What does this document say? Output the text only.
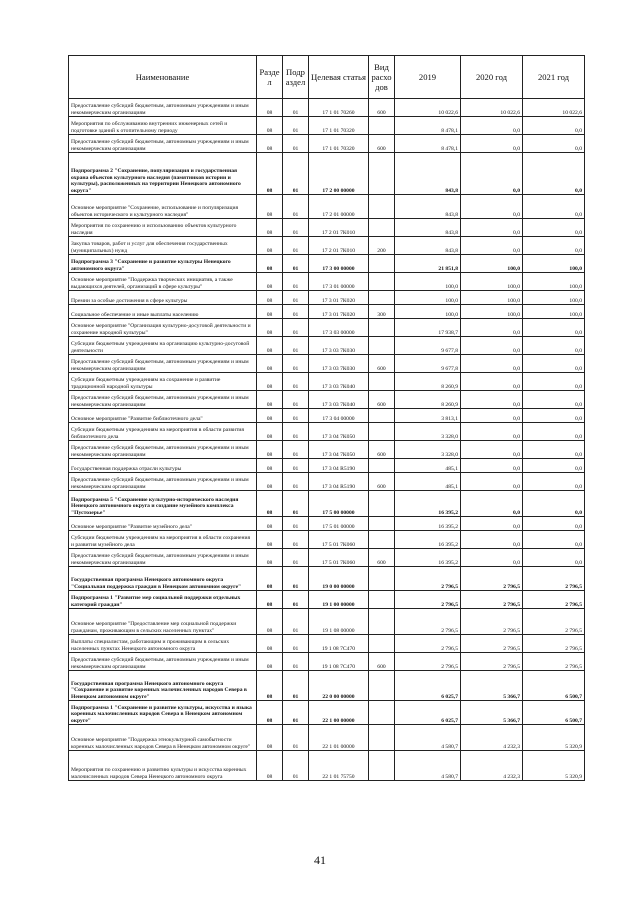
Наименование	Разде л	Подр аздел	Целевая статья	Вид расхо дов	2019	2020 год	2021 год
Предоставление субсидий бюджетным, автономным учреждениям и иным некоммерческим организациям	08	01	17 1 01 70260	600	10 022,6	10 022,6	10 022,6
Мероприятия по обслуживанию внутренних инженерных сетей и подготовке зданий к отопительному периоду	08	01	17 1 01 70320		8 478,1	0,0	0,0
Предоставление субсидий бюджетным, автономным учреждениям и иным некоммерческим организациям	08	01	17 1 01 70320	600	8 478,1	0,0	0,0
Подпрограмма 2 "Сохранение, популяризация и государственная охрана объектов культурного наследия (памятников истории и культуры), расположенных на территории Ненецкого автономного округа"	08	01	17 2 00 00000		843,8	0,0	0,0
Основное мероприятие "Сохранение, использование и популяризация объектов исторического и культурного наследия"	08	01	17 2 01 00000		843,8	0,0	0,0
Мероприятия по сохранению и использованию объектов культурного наследия	08	01	17 2 01 7К010		843,8	0,0	0,0
Закупка товаров, работ и услуг для обеспечения государственных (муниципальных) нужд	08	01	17 2 01 7К010	200	843,8	0,0	0,0
Подпрограмма 3 "Сохранение и развитие культуры Ненецкого автономного округа"	08	01	17 3 00 00000		21 851,8	100,0	100,0
Основное мероприятие "Поддержка творческих инициатив, а также выдающихся деятелей, организаций в сфере культуры"	08	01	17 3 01 00000		100,0	100,0	100,0
Премии за особые достижения в сфере культуры	08	01	17 3 01 7К020		100,0	100,0	100,0
Социальное обеспечение и иные выплаты населению	08	01	17 3 01 7К020	300	100,0	100,0	100,0
Основное мероприятие "Организация культурно-досуговой деятельности и сохранение народной культуры"	08	01	17 3 03 00000		17 938,7	0,0	0,0
Субсидии бюджетным учреждениям на организацию культурно-досуговой деятельности	08	01	17 3 03 7К030		9 677,8	0,0	0,0
Предоставление субсидий бюджетным, автономным учреждениям и иным некоммерческим организациям	08	01	17 3 03 7К030	600	9 677,8	0,0	0,0
Субсидии бюджетным учреждениям на сохранение и развитие традиционной народной культуры	08	01	17 3 03 7К040		8 260,9	0,0	0,0
Предоставление субсидий бюджетным, автономным учреждениям и иным некоммерческим организациям	08	01	17 3 03 7К040	600	8 260,9	0,0	0,0
Основное мероприятие "Развитие библиотечного дела"	08	01	17 3 04 00000		3 813,1	0,0	0,0
Субсидии бюджетным учреждениям на мероприятия в области развития библиотечного дела	08	01	17 3 04 7К050		3 328,0	0,0	0,0
Предоставление субсидий бюджетным, автономным учреждениям и иным некоммерческим организациям	08	01	17 3 04 7К050	600	3 328,0	0,0	0,0
Государственная поддержка отрасли культуры	08	01	17 3 04 R5190		485,1	0,0	0,0
Предоставление субсидий бюджетным, автономным учреждениям и иным некоммерческим организациям	08	01	17 3 04 R5190	600	485,1	0,0	0,0
Подпрограмма 5 "Сохранение культурно-исторического наследия Ненецкого автономного округа и создание музейного комплекса "Пустозерье"	08	01	17 5 00 00000		16 395,2	0,0	0,0
Основное мероприятие "Развитие музейного дела"	08	01	17 5 01 00000		16 395,2	0,0	0,0
Субсидии бюджетным учреждениям на мероприятия в области сохранения и развития музейного дела	08	01	17 5 01 7К060		16 395,2	0,0	0,0
Предоставление субсидий бюджетным, автономным учреждениям и иным некоммерческим организациям	08	01	17 5 01 7К060	600	16 395,2	0,0	0,0
Государственная программа Ненецкого автономного округа "Социальная поддержка граждан в Ненецком автономном округе"	08	01	19 0 00 00000		2 796,5	2 796,5	2 796,5
Подпрограмма 1 "Развитие мер социальной поддержки отдельных категорий граждан"	08	01	19 1 00 00000		2 796,5	2 796,5	2 796,5
Основное мероприятие "Предоставление мер социальной поддержки гражданам, проживающим в сельских населенных пунктах"	08	01	19 1 08 00000		2 796,5	2 796,5	2 796,5
Выплаты специалистам, работающим и проживающим в сельских населенных пунктах Ненецкого автономного округа	08	01	19 1 08 7С470		2 796,5	2 796,5	2 796,5
Предоставление субсидий бюджетным, автономным учреждениям и иным некоммерческим организациям	08	01	19 1 08 7С470	600	2 796,5	2 796,5	2 796,5
Государственная программа Ненецкого автономного округа "Сохранение и развитие коренных малочисленных народов Севера в Ненецком автономном округе"	08	01	22 0 00 00000		6 025,7	5 366,7	6 500,7
Подпрограмма 1 "Сохранение и развитие культуры, искусства и языка коренных малочисленных народов Севера в Ненецком автономном округе"	08	01	22 1 00 00000		6 025,7	5 366,7	6 500,7
Основное мероприятие "Поддержка этнокультурной самобытности коренных малочисленных народов Севера в Ненецком автономном округе"	08	01	22 1 01 00000		4 580,7	4 232,3	5 320,9
Мероприятия по сохранению и развитию культуры и искусства коренных малочисленных народов Севера Ненецкого автономного округа	08	01	22 1 01 75750		4 580,7	4 232,3	5 320,9
41
